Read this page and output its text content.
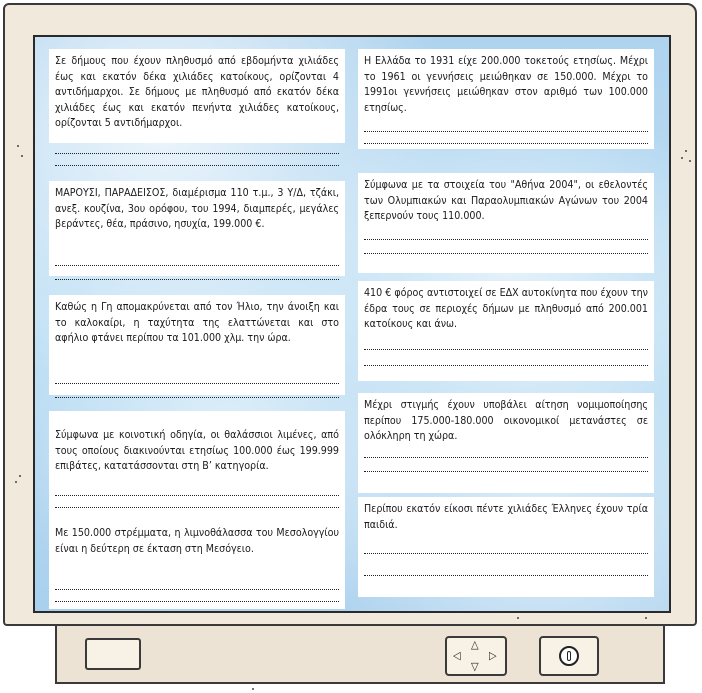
Σε δήμους που έχουν πληθυσμό από εβδομήντα χιλιάδες έως και εκατόν δέκα χιλιάδες κατοίκους, ορίζονται 4 αντιδήμαρχοι. Σε δήμους με πληθυσμό από εκατόν δέκα χιλιάδες έως και εκατόν πενήντα χιλιάδες κατοίκους, ορίζονται 5 αντιδήμαρχοι.

ΜΑΡΟΥΣΙ, ΠΑΡΑΔΕΙΣΟΣ, διαμέρισμα 110 τ.μ., 3 Υ/Δ, τζάκι, ανεξ. κουζίνα, 3ου ορόφου, του 1994, διαμπερές, μεγάλες βεράντες, θέα, πράσινο, ησυχία, 199.000 €.

Καθώς η Γη απομακρύνεται από τον Ήλιο, την άνοιξη και το καλοκαίρι, η ταχύτητα της ελαττώνεται και στο αφήλιο φτάνει περίπου τα 101.000 χλμ. την ώρα.

Σύμφωνα με κοινοτική οδηγία, οι θαλάσσιοι λιμένες, από τους οποίους διακινούνται ετησίως 100.000 έως 199.999 επιβάτες, κατατάσσονται στη Β’ κατηγορία.

Με 150.000 στρέμματα, η λιμνοθάλασσα του Μεσολογγίου είναι η δεύτερη σε έκταση στη Μεσόγειο.

Η Ελλάδα το 1931 είχε 200.000 τοκετούς ετησίως. Μέχρι το 1961 οι γεννήσεις μειώθηκαν σε 150.000. Μέχρι το 1991οι γεννήσεις μειώθηκαν στον αριθμό των 100.000 ετησίως.

Σύμφωνα με τα στοιχεία του "Αθήνα 2004", οι εθελοντές των Ολυμπιακών και Παραολυμπιακών Αγώνων του 2004 ξεπερνούν τους 110.000.

410 € φόρος αντιστοιχεί σε ΕΔΧ αυτοκίνητα που έχουν την έδρα τους σε περιοχές δήμων με πληθυσμό από 200.001 κατοίκους και άνω.

Μέχρι στιγμής έχουν υποβάλει αίτηση νομιμοποίησης περίπου 175.000-180.000 οικονομικοί μετανάστες σε ολόκληρη τη χώρα.

Περίπου εκατόν είκοσι πέντε χιλιάδες Έλληνες έχουν τρία παιδιά.

◁
△
▷
▽
